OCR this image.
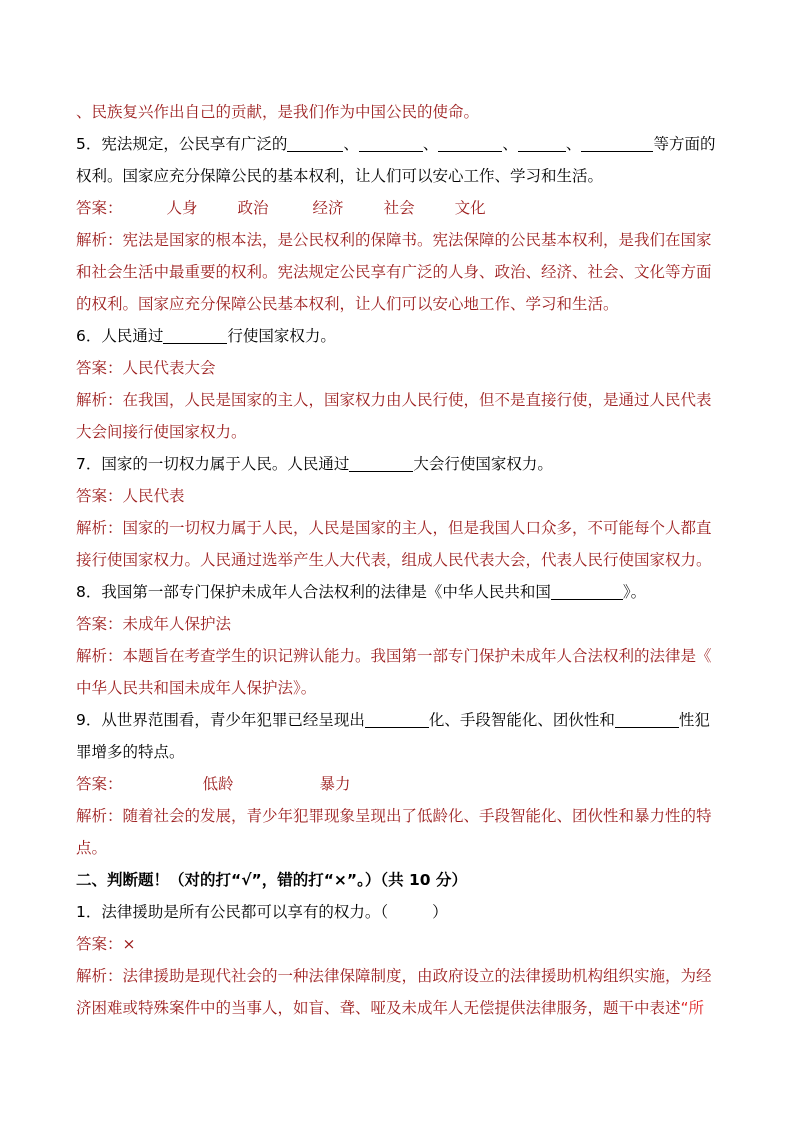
、民族复兴作出自己的贡献，是我们作为中国公民的使命。
5．宪法规定，公民享有广泛的	、	、	、	、	等方面的
权利。国家应充分保障公民的基本权利，让人们可以安心工作、学习和生活。
答案：	人身	政治	经济	社会	文化
解析：宪法是国家的根本法，是公民权利的保障书。宪法保障的公民基本权利，是我们在国家
和社会生活中最重要的权利。宪法规定公民享有广泛的人身、政治、经济、社会、文化等方面
的权利。国家应充分保障公民基本权利，让人们可以安心地工作、学习和生活。
6．人民通过	行使国家权力。
答案：人民代表大会
解析：在我国，人民是国家的主人，国家权力由人民行使，但不是直接行使，是通过人民代表
大会间接行使国家权力。
7．国家的一切权力属于人民。人民通过	大会行使国家权力。
答案：人民代表
解析：国家的一切权力属于人民，人民是国家的主人，但是我国人口众多，不可能每个人都直
接行使国家权力。人民通过选举产生人大代表，组成人民代表大会，代表人民行使国家权力。
8．我国第一部专门保护未成年人合法权利的法律是《中华人民共和国	》。
答案：未成年人保护法
解析：本题旨在考查学生的识记辨认能力。我国第一部专门保护未成年人合法权利的法律是《
中华人民共和国未成年人保护法》。
9．从世界范围看，青少年犯罪已经呈现出	化、手段智能化、团伙性和	性犯
罪增多的特点。
答案：	低龄	暴力
解析：随着社会的发展，青少年犯罪现象呈现出了低龄化、手段智能化、团伙性和暴力性的特
点。
二、判断题！（对的打“√”，错的打“×”。）（共 10 分）
1．法律援助是所有公民都可以享有的权力。（	）
答案：×
解析：法律援助是现代社会的一种法律保障制度，由政府设立的法律援助机构组织实施，为经
济困难或特殊案件中的当事人，如盲、聋、哑及未成年人无偿提供法律服务，题干中表述“所
